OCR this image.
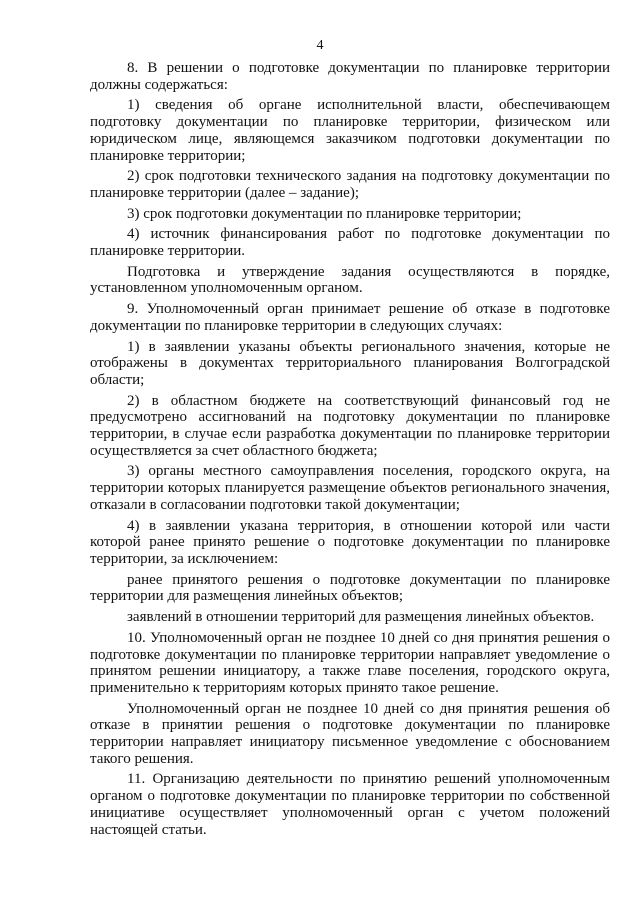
4

8. В решении о подготовке документации по планировке территории должны содержаться:

1) сведения об органе исполнительной власти, обеспечивающем подготовку документации по планировке территории, физическом или юридическом лице, являющемся заказчиком подготовки документации по планировке территории;

2) срок подготовки технического задания на подготовку документации по планировке территории (далее – задание);

3) срок подготовки документации по планировке территории;

4) источник финансирования работ по подготовке документации по планировке территории.

Подготовка и утверждение задания осуществляются в порядке, установленном уполномоченным органом.

9. Уполномоченный орган принимает решение об отказе в подготовке документации по планировке территории в следующих случаях:

1) в заявлении указаны объекты регионального значения, которые не отображены в документах территориального планирования Волгоградской области;

2) в областном бюджете на соответствующий финансовый год не предусмотрено ассигнований на подготовку документации по планировке территории, в случае если разработка документации по планировке территории осуществляется за счет областного бюджета;

3) органы местного самоуправления поселения, городского округа, на территории которых планируется размещение объектов регионального значения, отказали в согласовании подготовки такой документации;

4) в заявлении указана территория, в отношении которой или части которой ранее принято решение о подготовке документации по планировке территории, за исключением:

ранее принятого решения о подготовке документации по планировке территории для размещения линейных объектов;

заявлений в отношении территорий для размещения линейных объектов.

10. Уполномоченный орган не позднее 10 дней со дня принятия решения о подготовке документации по планировке территории направляет уведомление о принятом решении инициатору, а также главе поселения, городского округа, применительно к территориям которых принято такое решение.

Уполномоченный орган не позднее 10 дней со дня принятия решения об отказе в принятии решения о подготовке документации по планировке территории направляет инициатору письменное уведомление с обоснованием такого решения.

11. Организацию деятельности по принятию решений уполномоченным органом о подготовке документации по планировке территории по собственной инициативе осуществляет уполномоченный орган с учетом положений настоящей статьи.
